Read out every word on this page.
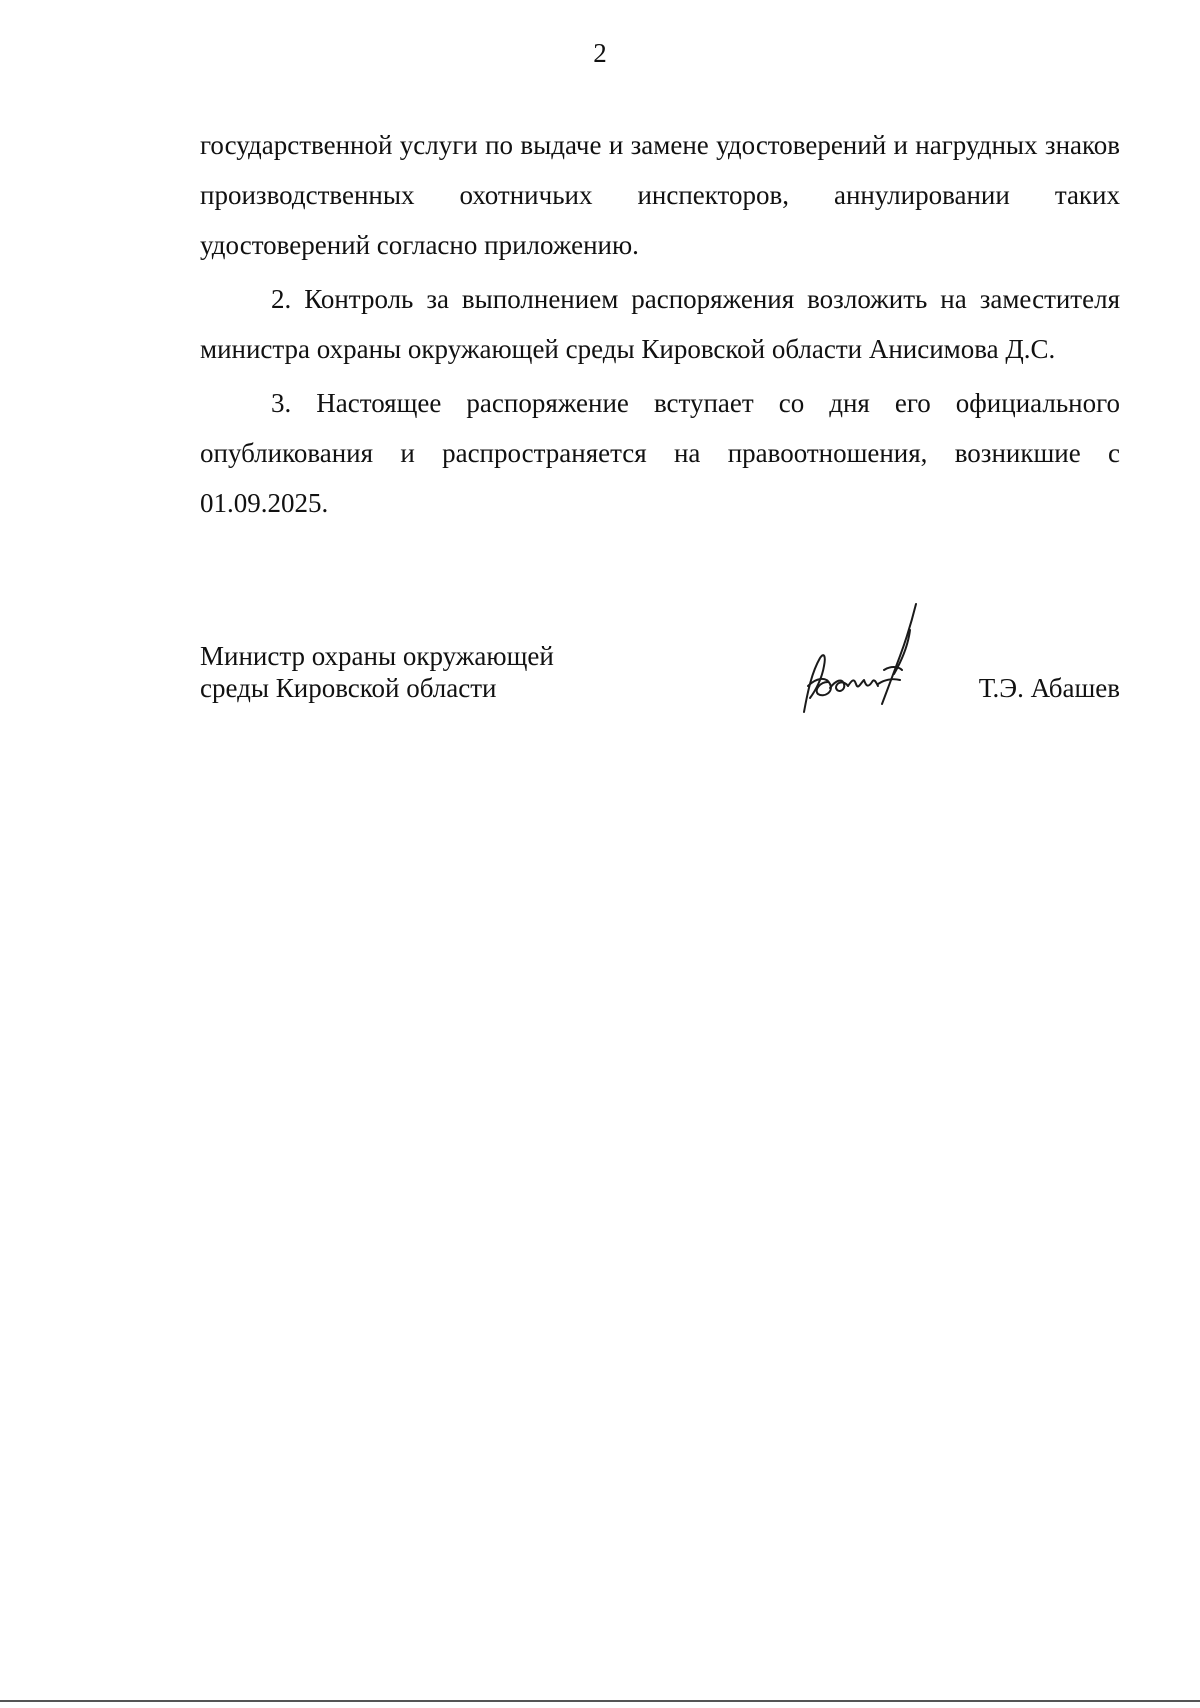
2

государственной услуги по выдаче и замене удостоверений и нагрудных знаков производственных охотничьих инспекторов, аннулировании таких удостоверений согласно приложению.

2. Контроль за выполнением распоряжения возложить на заместителя министра охраны окружающей среды Кировской области Анисимова Д.С.

3. Настоящее распоряжение вступает со дня его официального опубликования и распространяется на правоотношения, возникшие с 01.09.2025.

Министр охраны окружающей
среды Кировской области	Т.Э. Абашев
